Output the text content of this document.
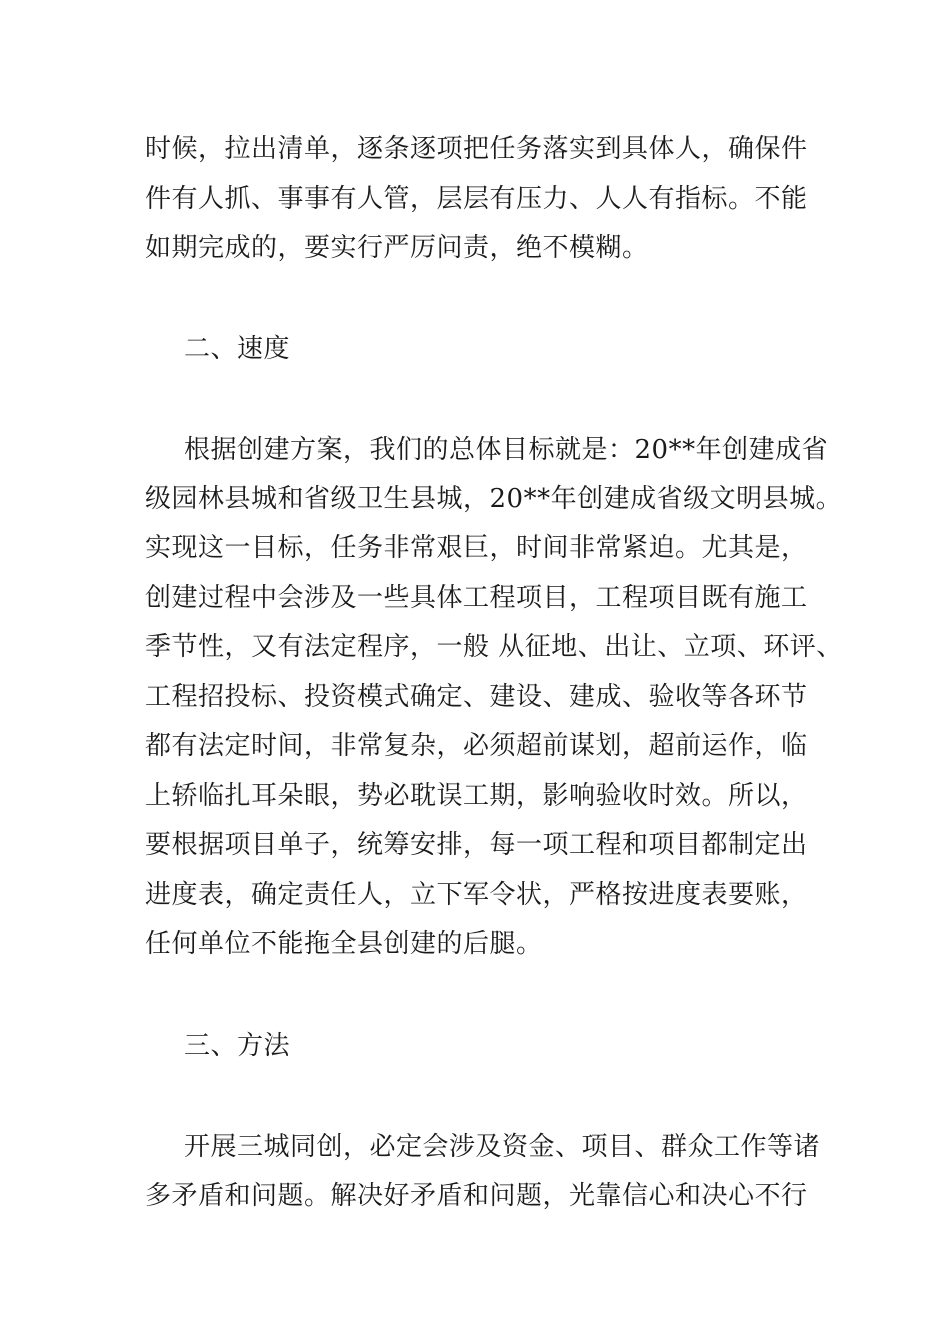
时候，拉出清单，逐条逐项把任务落实到具体人，确保件
件有人抓、事事有人管，层层有压力、人人有指标。不能
如期完成的，要实行严厉问责，绝不模糊。
二、速度
根据创建方案，我们的总体目标就是：20**年创建成省
级园林县城和省级卫生县城，20**年创建成省级文明县城。
实现这一目标，任务非常艰巨，时间非常紧迫。尤其是，
创建过程中会涉及一些具体工程项目，工程项目既有施工
季节性，又有法定程序，一般 从征地、出让、立项、环评、
工程招投标、投资模式确定、建设、建成、验收等各环节
都有法定时间，非常复杂，必须超前谋划，超前运作，临
上轿临扎耳朵眼，势必耽误工期，影响验收时效。所以，
要根据项目单子，统筹安排，每一项工程和项目都制定出
进度表，确定责任人，立下军令状，严格按进度表要账，
任何单位不能拖全县创建的后腿。
三、方法
开展三城同创，必定会涉及资金、项目、群众工作等诸
多矛盾和问题。解决好矛盾和问题，光靠信心和决心不行
